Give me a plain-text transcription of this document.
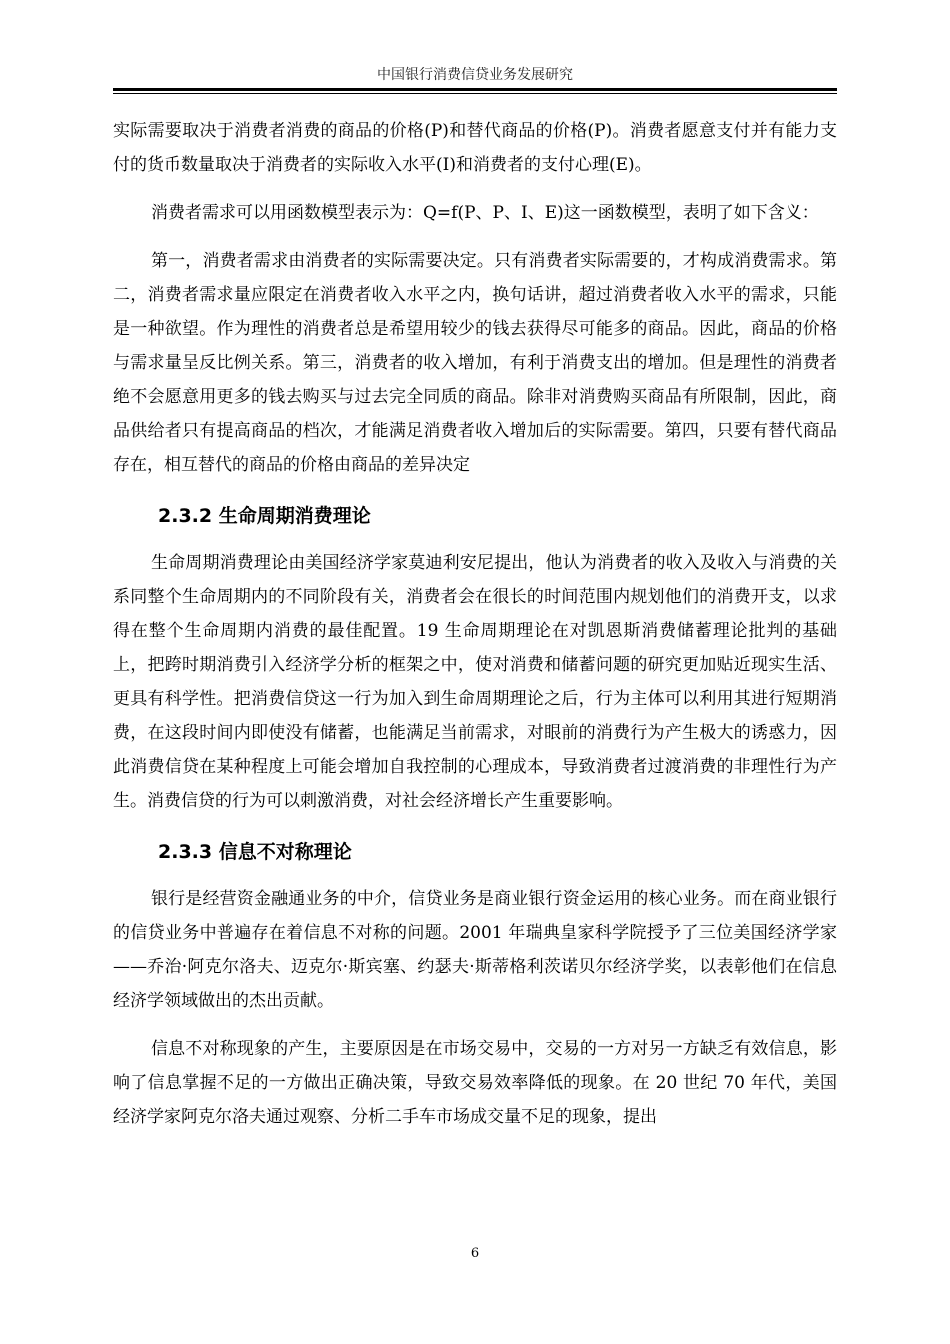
中国银行消费信贷业务发展研究

实际需要取决于消费者消费的商品的价格(P)和替代商品的价格(P)。消费者愿意支付并有能力支付的货币数量取决于消费者的实际收入水平(I)和消费者的支付心理(E)。

消费者需求可以用函数模型表示为：Q=f(P、P、I、E)这一函数模型，表明了如下含义：

第一，消费者需求由消费者的实际需要决定。只有消费者实际需要的，才构成消费需求。第二，消费者需求量应限定在消费者收入水平之内，换句话讲，超过消费者收入水平的需求，只能是一种欲望。作为理性的消费者总是希望用较少的钱去获得尽可能多的商品。因此，商品的价格与需求量呈反比例关系。第三，消费者的收入增加，有利于消费支出的增加。但是理性的消费者绝不会愿意用更多的钱去购买与过去完全同质的商品。除非对消费购买商品有所限制，因此，商品供给者只有提高商品的档次，才能满足消费者收入增加后的实际需要。第四，只要有替代商品存在，相互替代的商品的价格由商品的差异决定

2.3.2 生命周期消费理论

生命周期消费理论由美国经济学家莫迪利安尼提出，他认为消费者的收入及收入与消费的关系同整个生命周期内的不同阶段有关，消费者会在很长的时间范围内规划他们的消费开支，以求得在整个生命周期内消费的最佳配置。19 生命周期理论在对凯恩斯消费储蓄理论批判的基础上，把跨时期消费引入经济学分析的框架之中，使对消费和储蓄问题的研究更加贴近现实生活、更具有科学性。把消费信贷这一行为加入到生命周期理论之后，行为主体可以利用其进行短期消费，在这段时间内即使没有储蓄，也能满足当前需求，对眼前的消费行为产生极大的诱惑力，因此消费信贷在某种程度上可能会增加自我控制的心理成本，导致消费者过渡消费的非理性行为产生。消费信贷的行为可以刺激消费，对社会经济增长产生重要影响。

2.3.3 信息不对称理论

银行是经营资金融通业务的中介，信贷业务是商业银行资金运用的核心业务。而在商业银行的信贷业务中普遍存在着信息不对称的问题。2001 年瑞典皇家科学院授予了三位美国经济学家——乔治·阿克尔洛夫、迈克尔·斯宾塞、约瑟夫·斯蒂格利茨诺贝尔经济学奖，以表彰他们在信息经济学领域做出的杰出贡献。

信息不对称现象的产生，主要原因是在市场交易中，交易的一方对另一方缺乏有效信息，影响了信息掌握不足的一方做出正确决策，导致交易效率降低的现象。在 20 世纪 70 年代，美国经济学家阿克尔洛夫通过观察、分析二手车市场成交量不足的现象，提出

6
